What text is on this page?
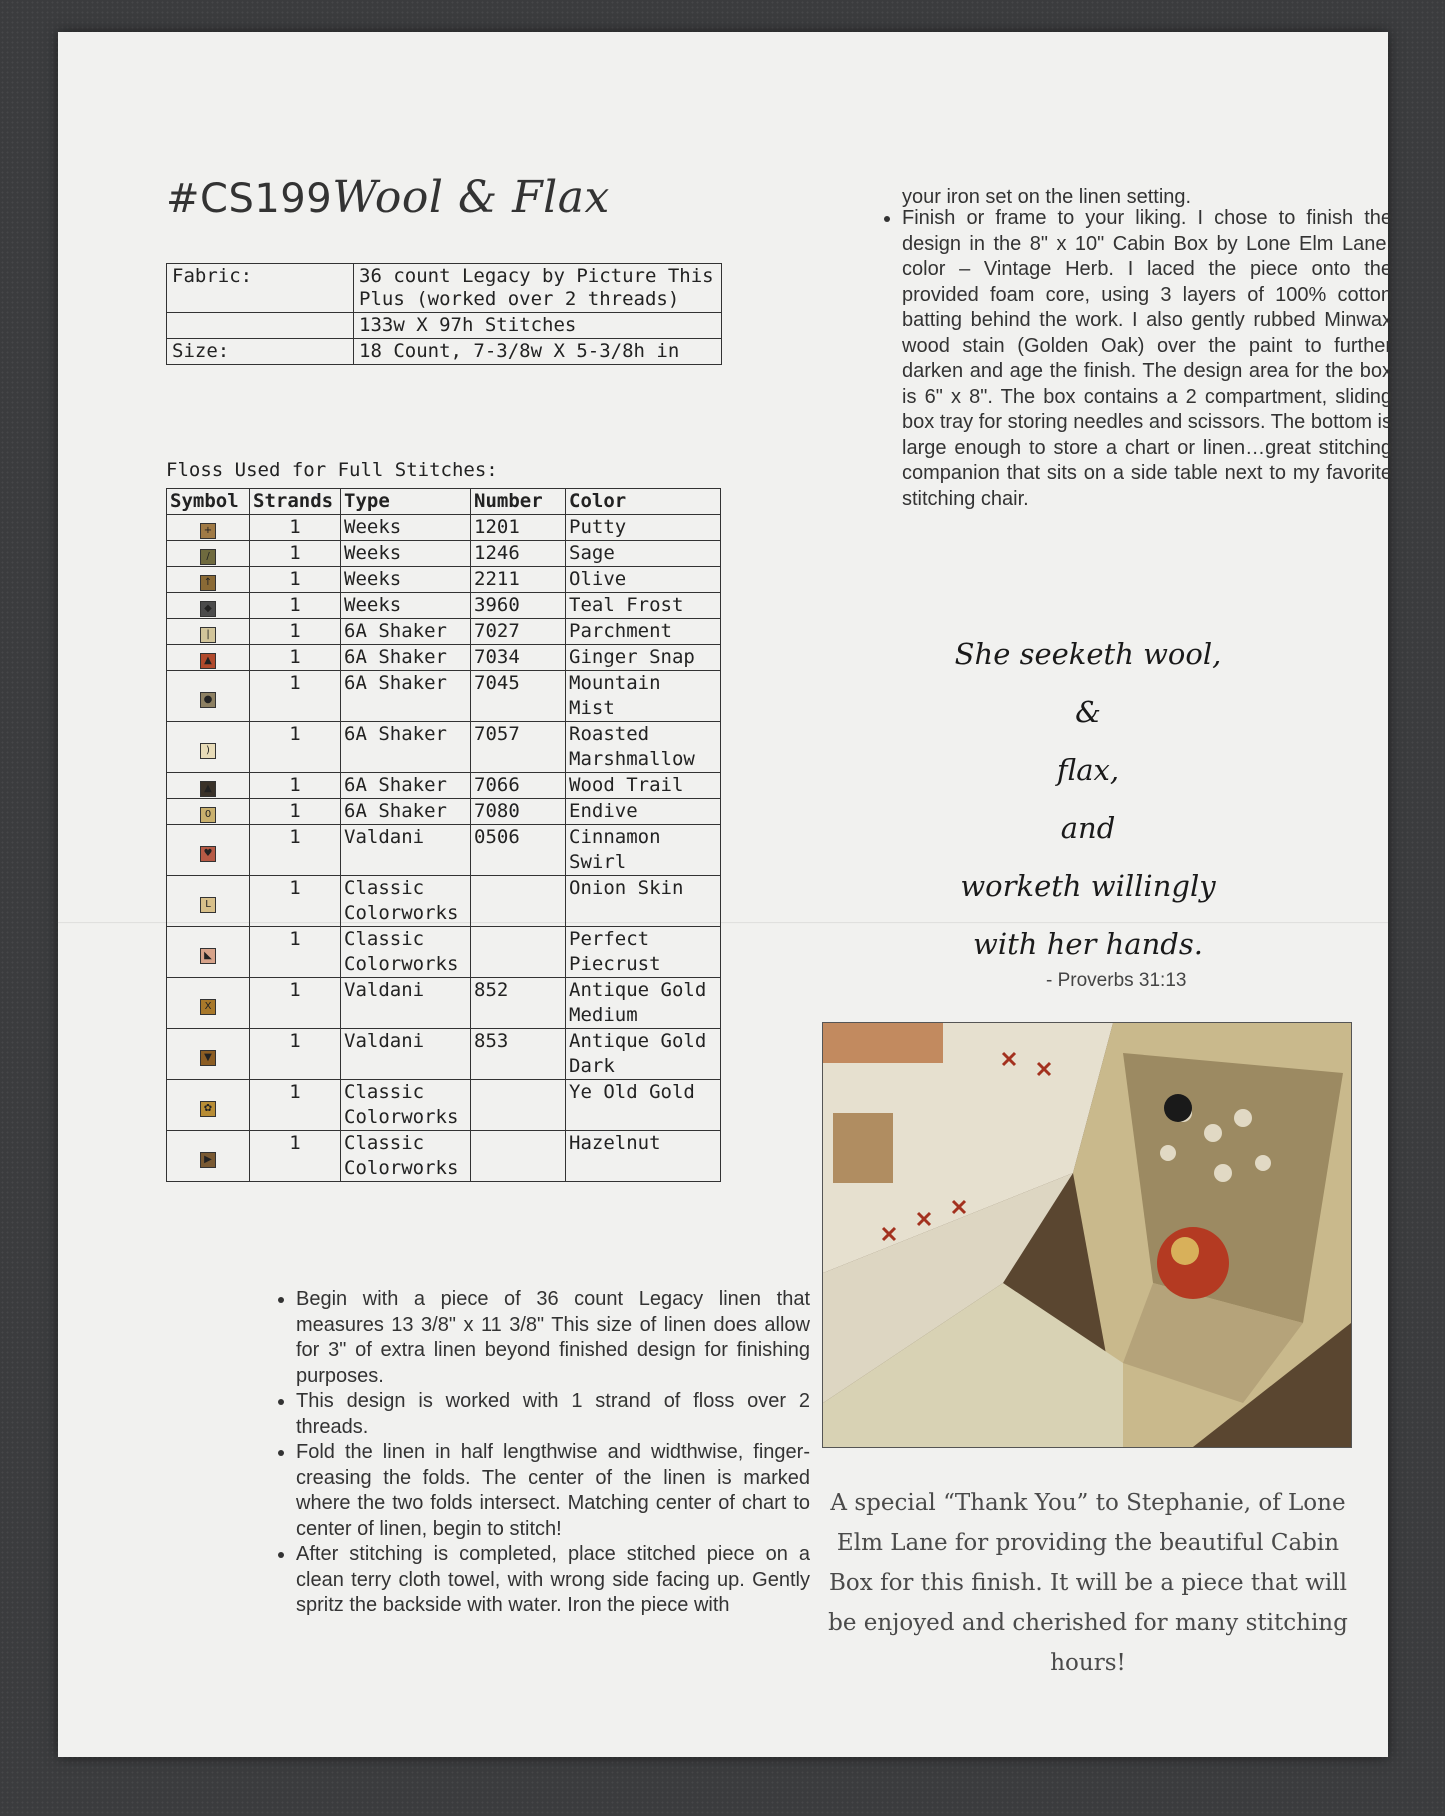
#CS199Wool & Flax
Fabric:	36 count Legacy by Picture This Plus (worked over 2 threads)
	133w X 97h Stitches
Size:	18 Count, 7-3/8w X 5-3/8h in
Floss Used for Full Stitches:
Symbol	Strands	Type	Number	Color
+	1	Weeks	1201	Putty
/	1	Weeks	1246	Sage
↑	1	Weeks	2211	Olive
◆	1	Weeks	3960	Teal Frost
|	1	6A Shaker	7027	Parchment
▲	1	6A Shaker	7034	Ginger Snap
●	1	6A Shaker	7045	Mountain Mist
)	1	6A Shaker	7057	Roasted Marshmallow
▲	1	6A Shaker	7066	Wood Trail
0	1	6A Shaker	7080	Endive
♥	1	Valdani	0506	Cinnamon Swirl
L	1	Classic Colorworks		Onion Skin
◣	1	Classic Colorworks		Perfect Piecrust
X	1	Valdani	852	Antique Gold Medium
▼	1	Valdani	853	Antique Gold Dark
✿	1	Classic Colorworks		Ye Old Gold
▶	1	Classic Colorworks		Hazelnut
• Begin with a piece of 36 count Legacy linen that measures 13 3/8" x 11 3/8" This size of linen does allow for 3" of extra linen beyond finished design for finishing purposes.
• This design is worked with 1 strand of floss over 2 threads.
• Fold the linen in half lengthwise and widthwise, finger-creasing the folds. The center of the linen is marked where the two folds intersect. Matching center of chart to center of linen, begin to stitch!
• After stitching is completed, place stitched piece on a clean terry cloth towel, with wrong side facing up. Gently spritz the backside with water. Iron the piece with
your iron set on the linen setting.
• Finish or frame to your liking. I chose to finish the design in the 8" x 10" Cabin Box by Lone Elm Lane, color – Vintage Herb. I laced the piece onto the provided foam core, using 3 layers of 100% cotton batting behind the work. I also gently rubbed Minwax wood stain (Golden Oak) over the paint to further darken and age the finish. The design area for the box is 6" x 8". The box contains a 2 compartment, sliding box tray for storing needles and scissors. The bottom is large enough to store a chart or linen…great stitching companion that sits on a side table next to my favorite stitching chair.
She seeketh wool,
&
flax,
and
worketh willingly
with her hands.
- Proverbs 31:13
A special “Thank You” to Stephanie, of Lone Elm Lane for providing the beautiful Cabin Box for this finish. It will be a piece that will be enjoyed and cherished for many stitching hours!
